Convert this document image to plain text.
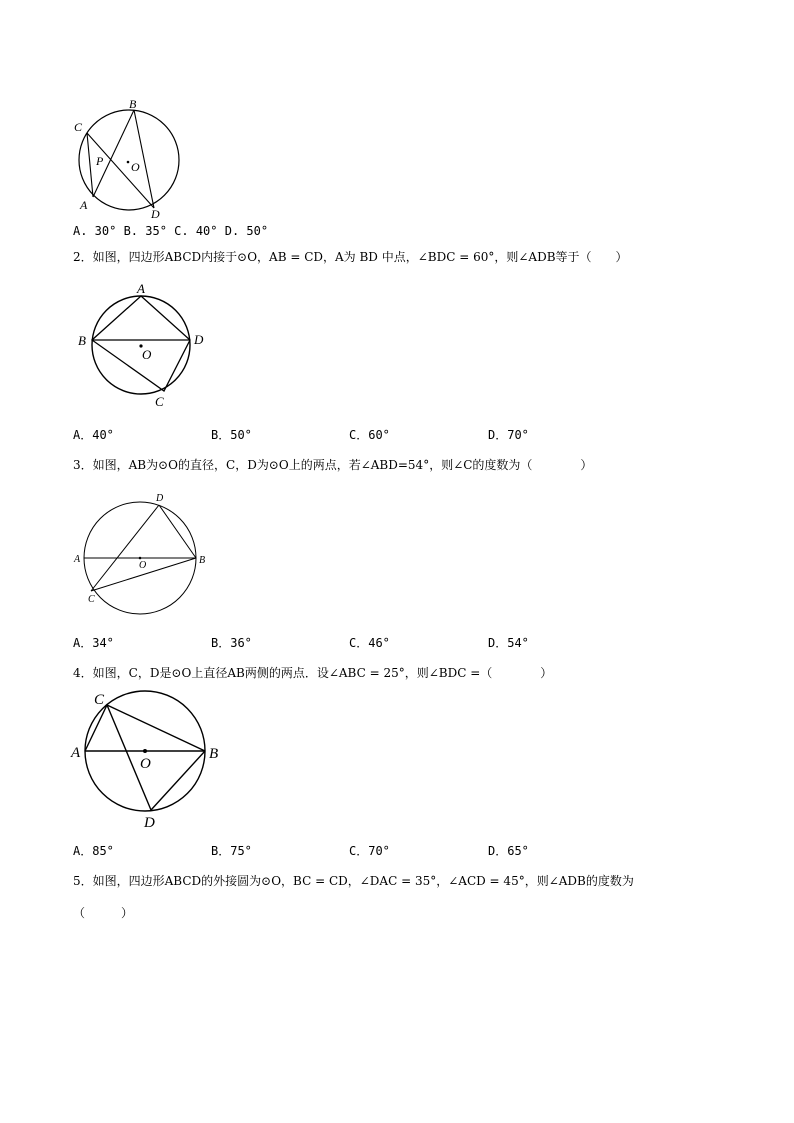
B
C
P O
A
D
A. 30° B. 35° C. 40° D. 50°
2．如图，四边形ABCD内接于⊙O，AB = CD，A为 BD 中点，∠BDC = 60°，则∠ADB等于（　　）
A
B	D
O
C
A．40°	B．50°	C．60°	D．70°
3．如图，AB为⊙O的直径，C，D为⊙O上的两点，若∠ABD=54°，则∠C的度数为（　　　　）
D
A
O	B
C
A．34°	B．36°	C．46°	D．54°
4．如图，C，D是⊙O上直径AB两侧的两点．设∠ABC = 25°，则∠BDC =（　　　　）
C
A
O
B
D
A．85°	B．75°	C．70°	D．65°
5．如图，四边形ABCD的外接圆为⊙O，BC = CD，∠DAC = 35°，∠ACD = 45°，则∠ADB的度数为
（　　　）
